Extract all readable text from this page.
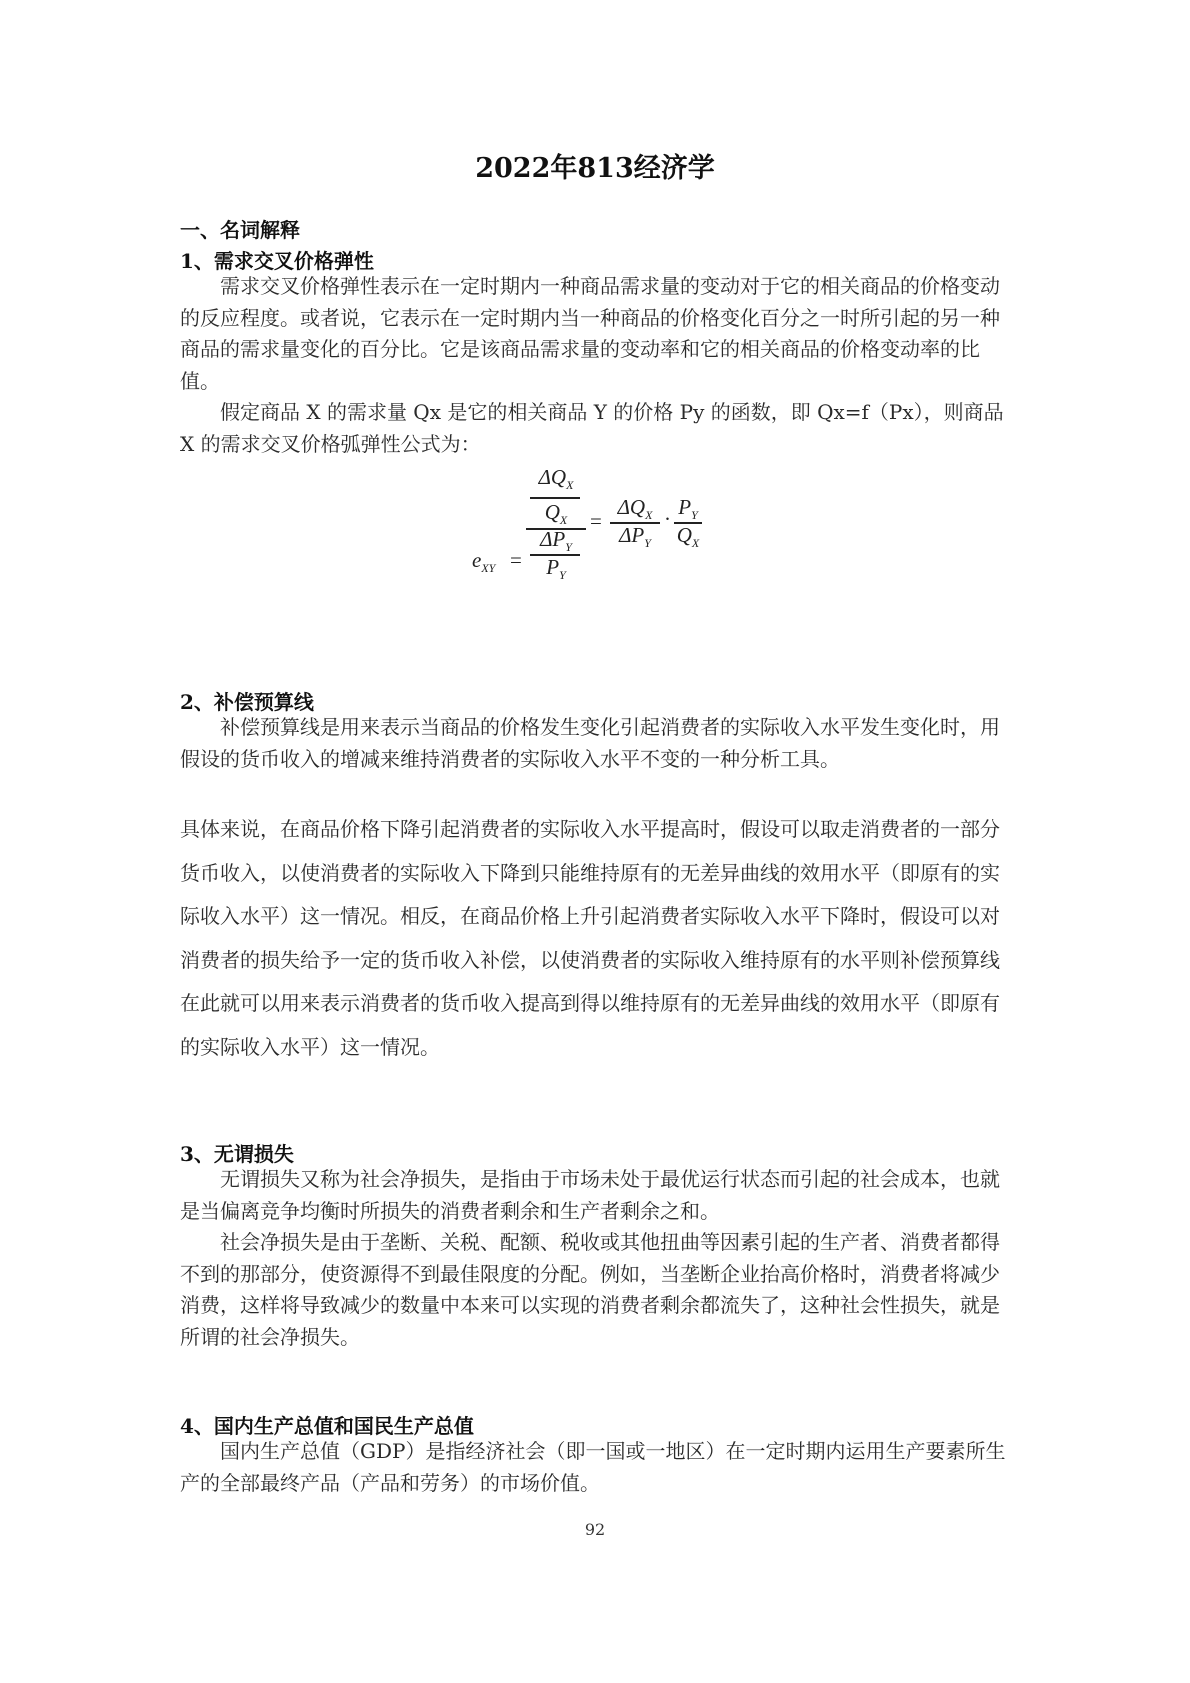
2022年813经济学
一、名词解释
1、需求交叉价格弹性
需求交叉价格弹性表示在一定时期内一种商品需求量的变动对于它的相关商品的价格变动的反应程度。或者说，它表示在一定时期内当一种商品的价格变化百分之一时所引起的另一种商品的需求量变化的百分比。它是该商品需求量的变动率和它的相关商品的价格变动率的比值。
假定商品 X 的需求量 Qx 是它的相关商品 Y 的价格 Py 的函数，即 Qx=f（Px），则商品 X 的需求交叉价格弧弹性公式为：
$e_{XY}$ =
$\Delta Q_X$
$Q_X$
$\Delta P_Y$
$P_Y$
=
$\Delta Q_X$
$\Delta P_Y$
· $P_Y$
$Q_X$
2、补偿预算线
补偿预算线是用来表示当商品的价格发生变化引起消费者的实际收入水平发生变化时，用假设的货币收入的增减来维持消费者的实际收入水平不变的一种分析工具。
具体来说，在商品价格下降引起消费者的实际收入水平提高时，假设可以取走消费者的一部分货币收入，以使消费者的实际收入下降到只能维持原有的无差异曲线的效用水平（即原有的实际收入水平）这一情况。相反，在商品价格上升引起消费者实际收入水平下降时，假设可以对消费者的损失给予一定的货币收入补偿，以使消费者的实际收入维持原有的水平则补偿预算线在此就可以用来表示消费者的货币收入提高到得以维持原有的无差异曲线的效用水平（即原有的实际收入水平）这一情况。
3、无谓损失
无谓损失又称为社会净损失，是指由于市场未处于最优运行状态而引起的社会成本，也就是当偏离竞争均衡时所损失的消费者剩余和生产者剩余之和。
社会净损失是由于垄断、关税、配额、税收或其他扭曲等因素引起的生产者、消费者都得不到的那部分，使资源得不到最佳限度的分配。例如，当垄断企业抬高价格时，消费者将减少消费，这样将导致减少的数量中本来可以实现的消费者剩余都流失了，这种社会性损失，就是所谓的社会净损失。
4、国内生产总值和国民生产总值
国内生产总值（GDP）是指经济社会（即一国或一地区）在一定时期内运用生产要素所生产的全部最终产品（产品和劳务）的市场价值。
92
